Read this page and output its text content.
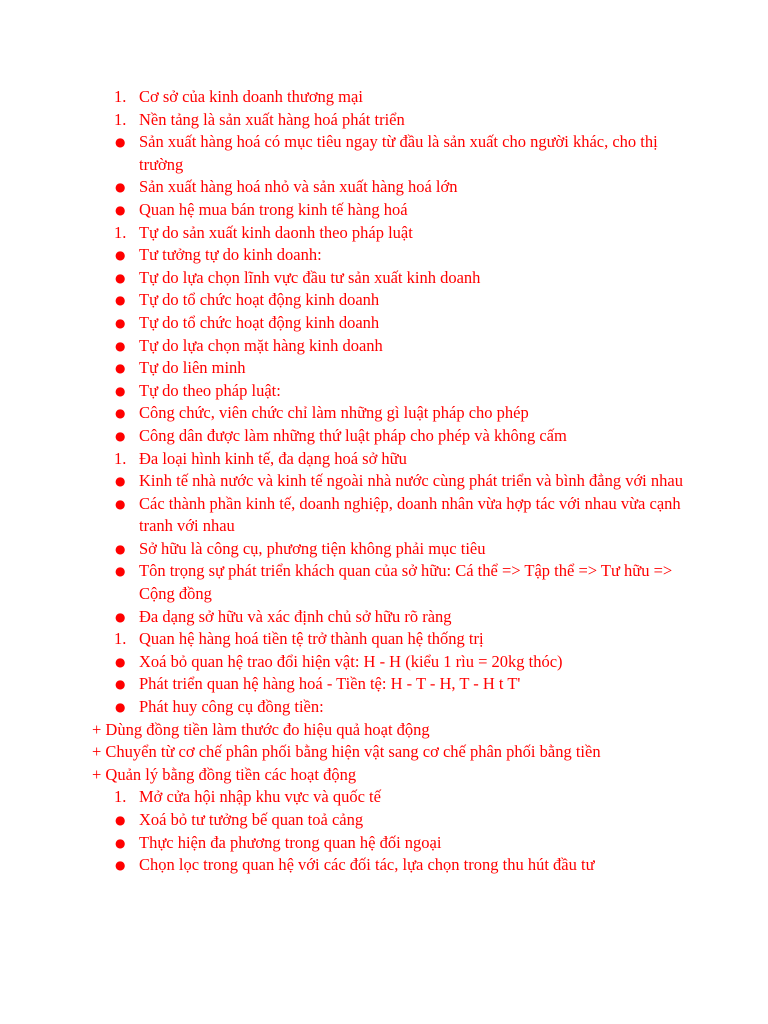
1. Cơ sở của kinh doanh thương mại
1. Nền tảng là sản xuất hàng hoá phát triển
● Sản xuất hàng hoá có mục tiêu ngay từ đầu là sản xuất cho người khác, cho thị trường
● Sản xuất hàng hoá nhỏ và sản xuất hàng hoá lớn
● Quan hệ mua bán trong kinh tế hàng hoá
1. Tự do sản xuất kinh daonh theo pháp luật
● Tư tưởng tự do kinh doanh:
● Tự do lựa chọn lĩnh vực đầu tư sản xuất kinh doanh
● Tự do tổ chức hoạt động kinh doanh
● Tự do tổ chức hoạt động kinh doanh
● Tự do lựa chọn mặt hàng kinh doanh
● Tự do liên minh
● Tự do theo pháp luật:
● Công chức, viên chức chỉ làm những gì luật pháp cho phép
● Công dân được làm những thứ luật pháp cho phép và không cấm
1. Đa loại hình kinh tế, đa dạng hoá sở hữu
● Kinh tế nhà nước và kinh tế ngoài nhà nước cùng phát triển và bình đẳng với nhau
● Các thành phần kinh tế, doanh nghiệp, doanh nhân vừa hợp tác với nhau vừa cạnh tranh với nhau
● Sở hữu là công cụ, phương tiện không phải mục tiêu
● Tôn trọng sự phát triển khách quan của sở hữu: Cá thể => Tập thể => Tư hữu => Cộng đồng
● Đa dạng sở hữu và xác định chủ sở hữu rõ ràng
1. Quan hệ hàng hoá tiền tệ trở thành quan hệ thống trị
● Xoá bỏ quan hệ trao đổi hiện vật: H - H (kiểu 1 rìu = 20kg thóc)
● Phát triển quan hệ hàng hoá - Tiền tệ: H - T - H, T - H t T'
● Phát huy công cụ đồng tiền:
+ Dùng đồng tiền làm thước đo hiệu quả hoạt động
+ Chuyển từ cơ chế phân phối bằng hiện vật sang cơ chế phân phối bằng tiền
+ Quản lý bằng đồng tiền các hoạt động
1. Mở cửa hội nhập khu vực và quốc tế
● Xoá bỏ tư tưởng bế quan toả cảng
● Thực hiện đa phương trong quan hệ đối ngoại
● Chọn lọc trong quan hệ với các đối tác, lựa chọn trong thu hút đầu tư
